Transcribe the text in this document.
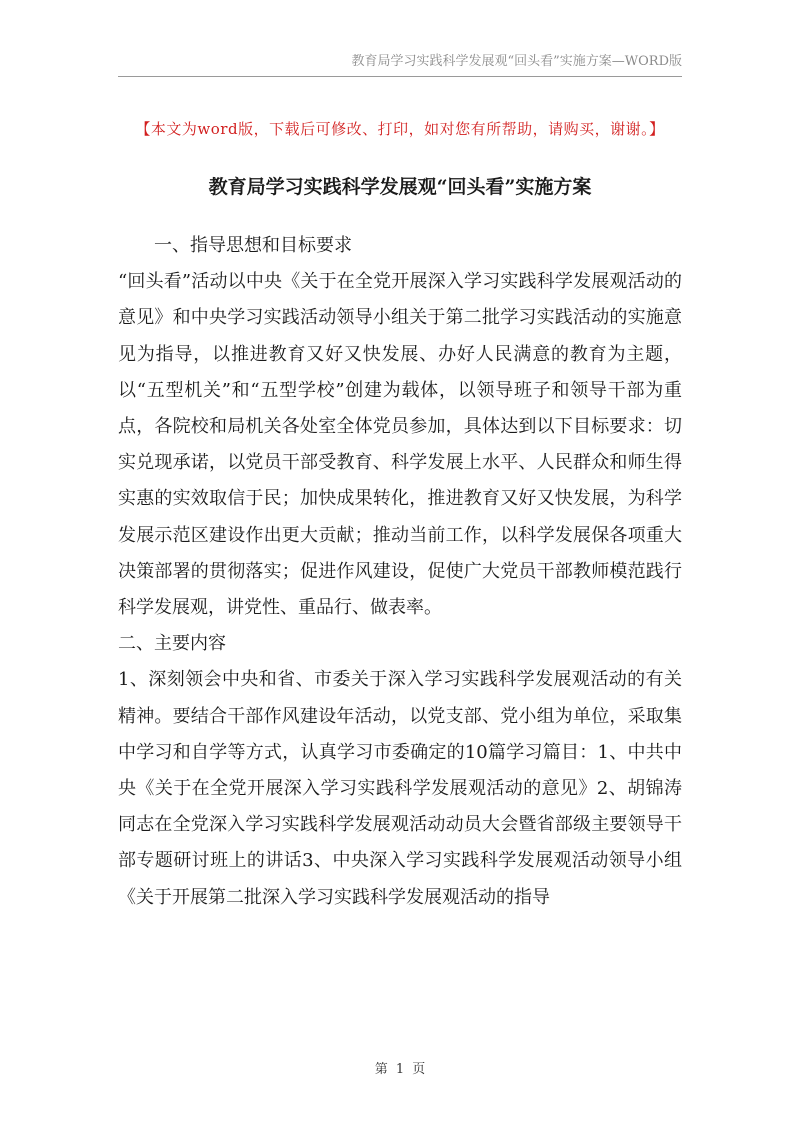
教育局学习实践科学发展观“回头看”实施方案—WORD版
【本文为word版，下载后可修改、打印，如对您有所帮助，请购买，谢谢。】
教育局学习实践科学发展观“回头看”实施方案
一、指导思想和目标要求
“回头看”活动以中央《关于在全党开展深入学习实践科学发展观活动的意见》和中央学习实践活动领导小组关于第二批学习实践活动的实施意见为指导，以推进教育又好又快发展、办好人民满意的教育为主题，以“五型机关”和“五型学校”创建为载体，以领导班子和领导干部为重点，各院校和局机关各处室全体党员参加，具体达到以下目标要求：切实兑现承诺，以党员干部受教育、科学发展上水平、人民群众和师生得实惠的实效取信于民；加快成果转化，推进教育又好又快发展，为科学发展示范区建设作出更大贡献；推动当前工作，以科学发展保各项重大决策部署的贯彻落实；促进作风建设，促使广大党员干部教师模范践行科学发展观，讲党性、重品行、做表率。
二、主要内容
1、深刻领会中央和省、市委关于深入学习实践科学发展观活动的有关精神。要结合干部作风建设年活动，以党支部、党小组为单位，采取集中学习和自学等方式，认真学习市委确定的10篇学习篇目：1、中共中央《关于在全党开展深入学习实践科学发展观活动的意见》2、胡锦涛同志在全党深入学习实践科学发展观活动动员大会暨省部级主要领导干部专题研讨班上的讲话3、中央深入学习实践科学发展观活动领导小组《关于开展第二批深入学习实践科学发展观活动的指导
第 1 页
